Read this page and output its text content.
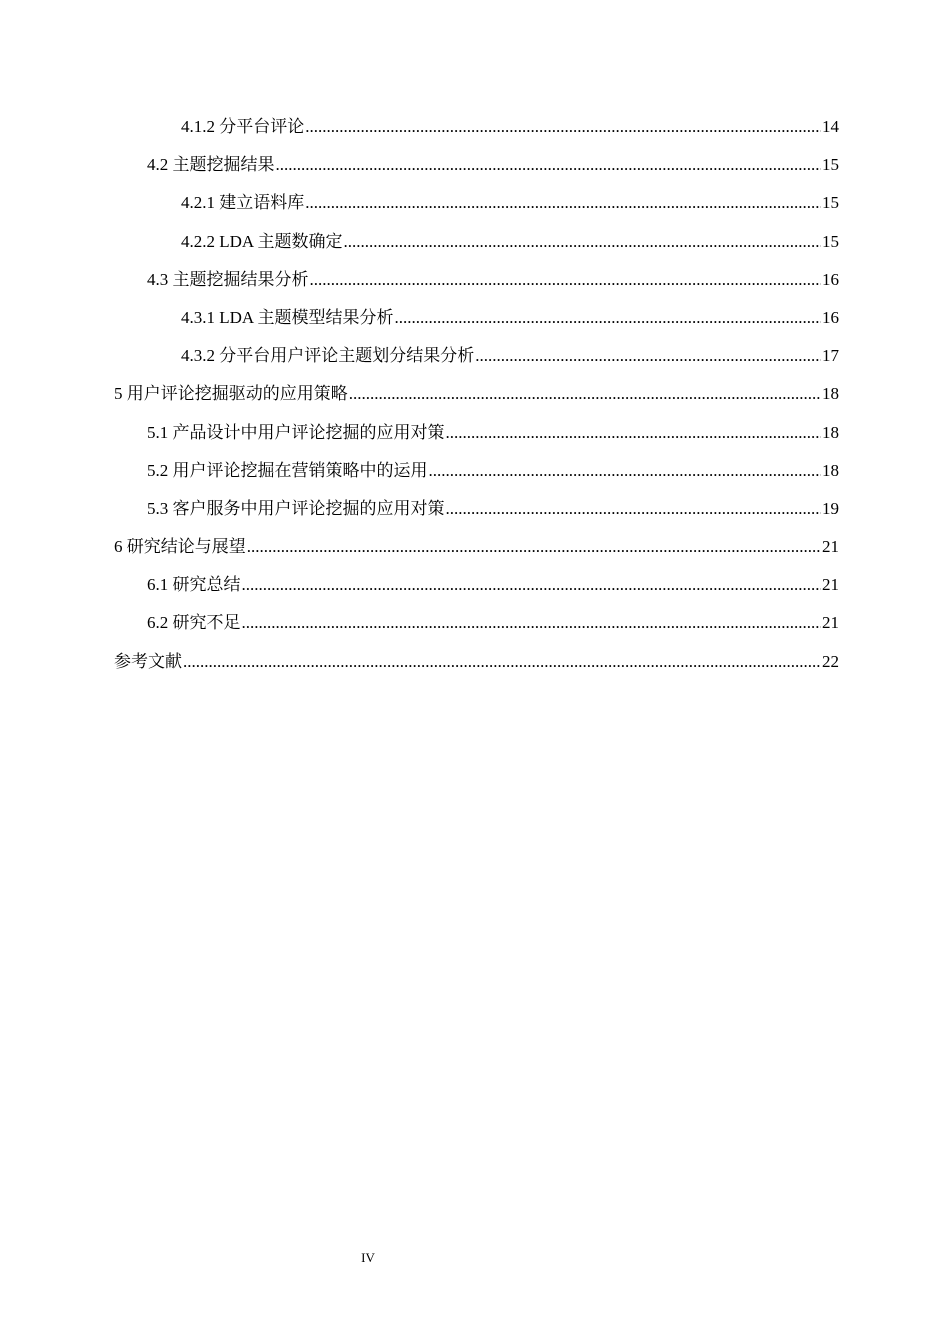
4.1.2 分平台评论 .....	14
4.2 主题挖掘结果 .....	15
4.2.1 建立语料库 .....	15
4.2.2 LDA 主题数确定 .....	15
4.3 主题挖掘结果分析 .....	16
4.3.1 LDA 主题模型结果分析 .....	16
4.3.2 分平台用户评论主题划分结果分析 .....	17
5 用户评论挖掘驱动的应用策略 .....	18
5.1 产品设计中用户评论挖掘的应用对策 .....	18
5.2 用户评论挖掘在营销策略中的运用 .....	18
5.3 客户服务中用户评论挖掘的应用对策 .....	19
6 研究结论与展望 .....	21
6.1 研究总结 .....	21
6.2 研究不足 .....	21
参考文献 .....	22
IV
